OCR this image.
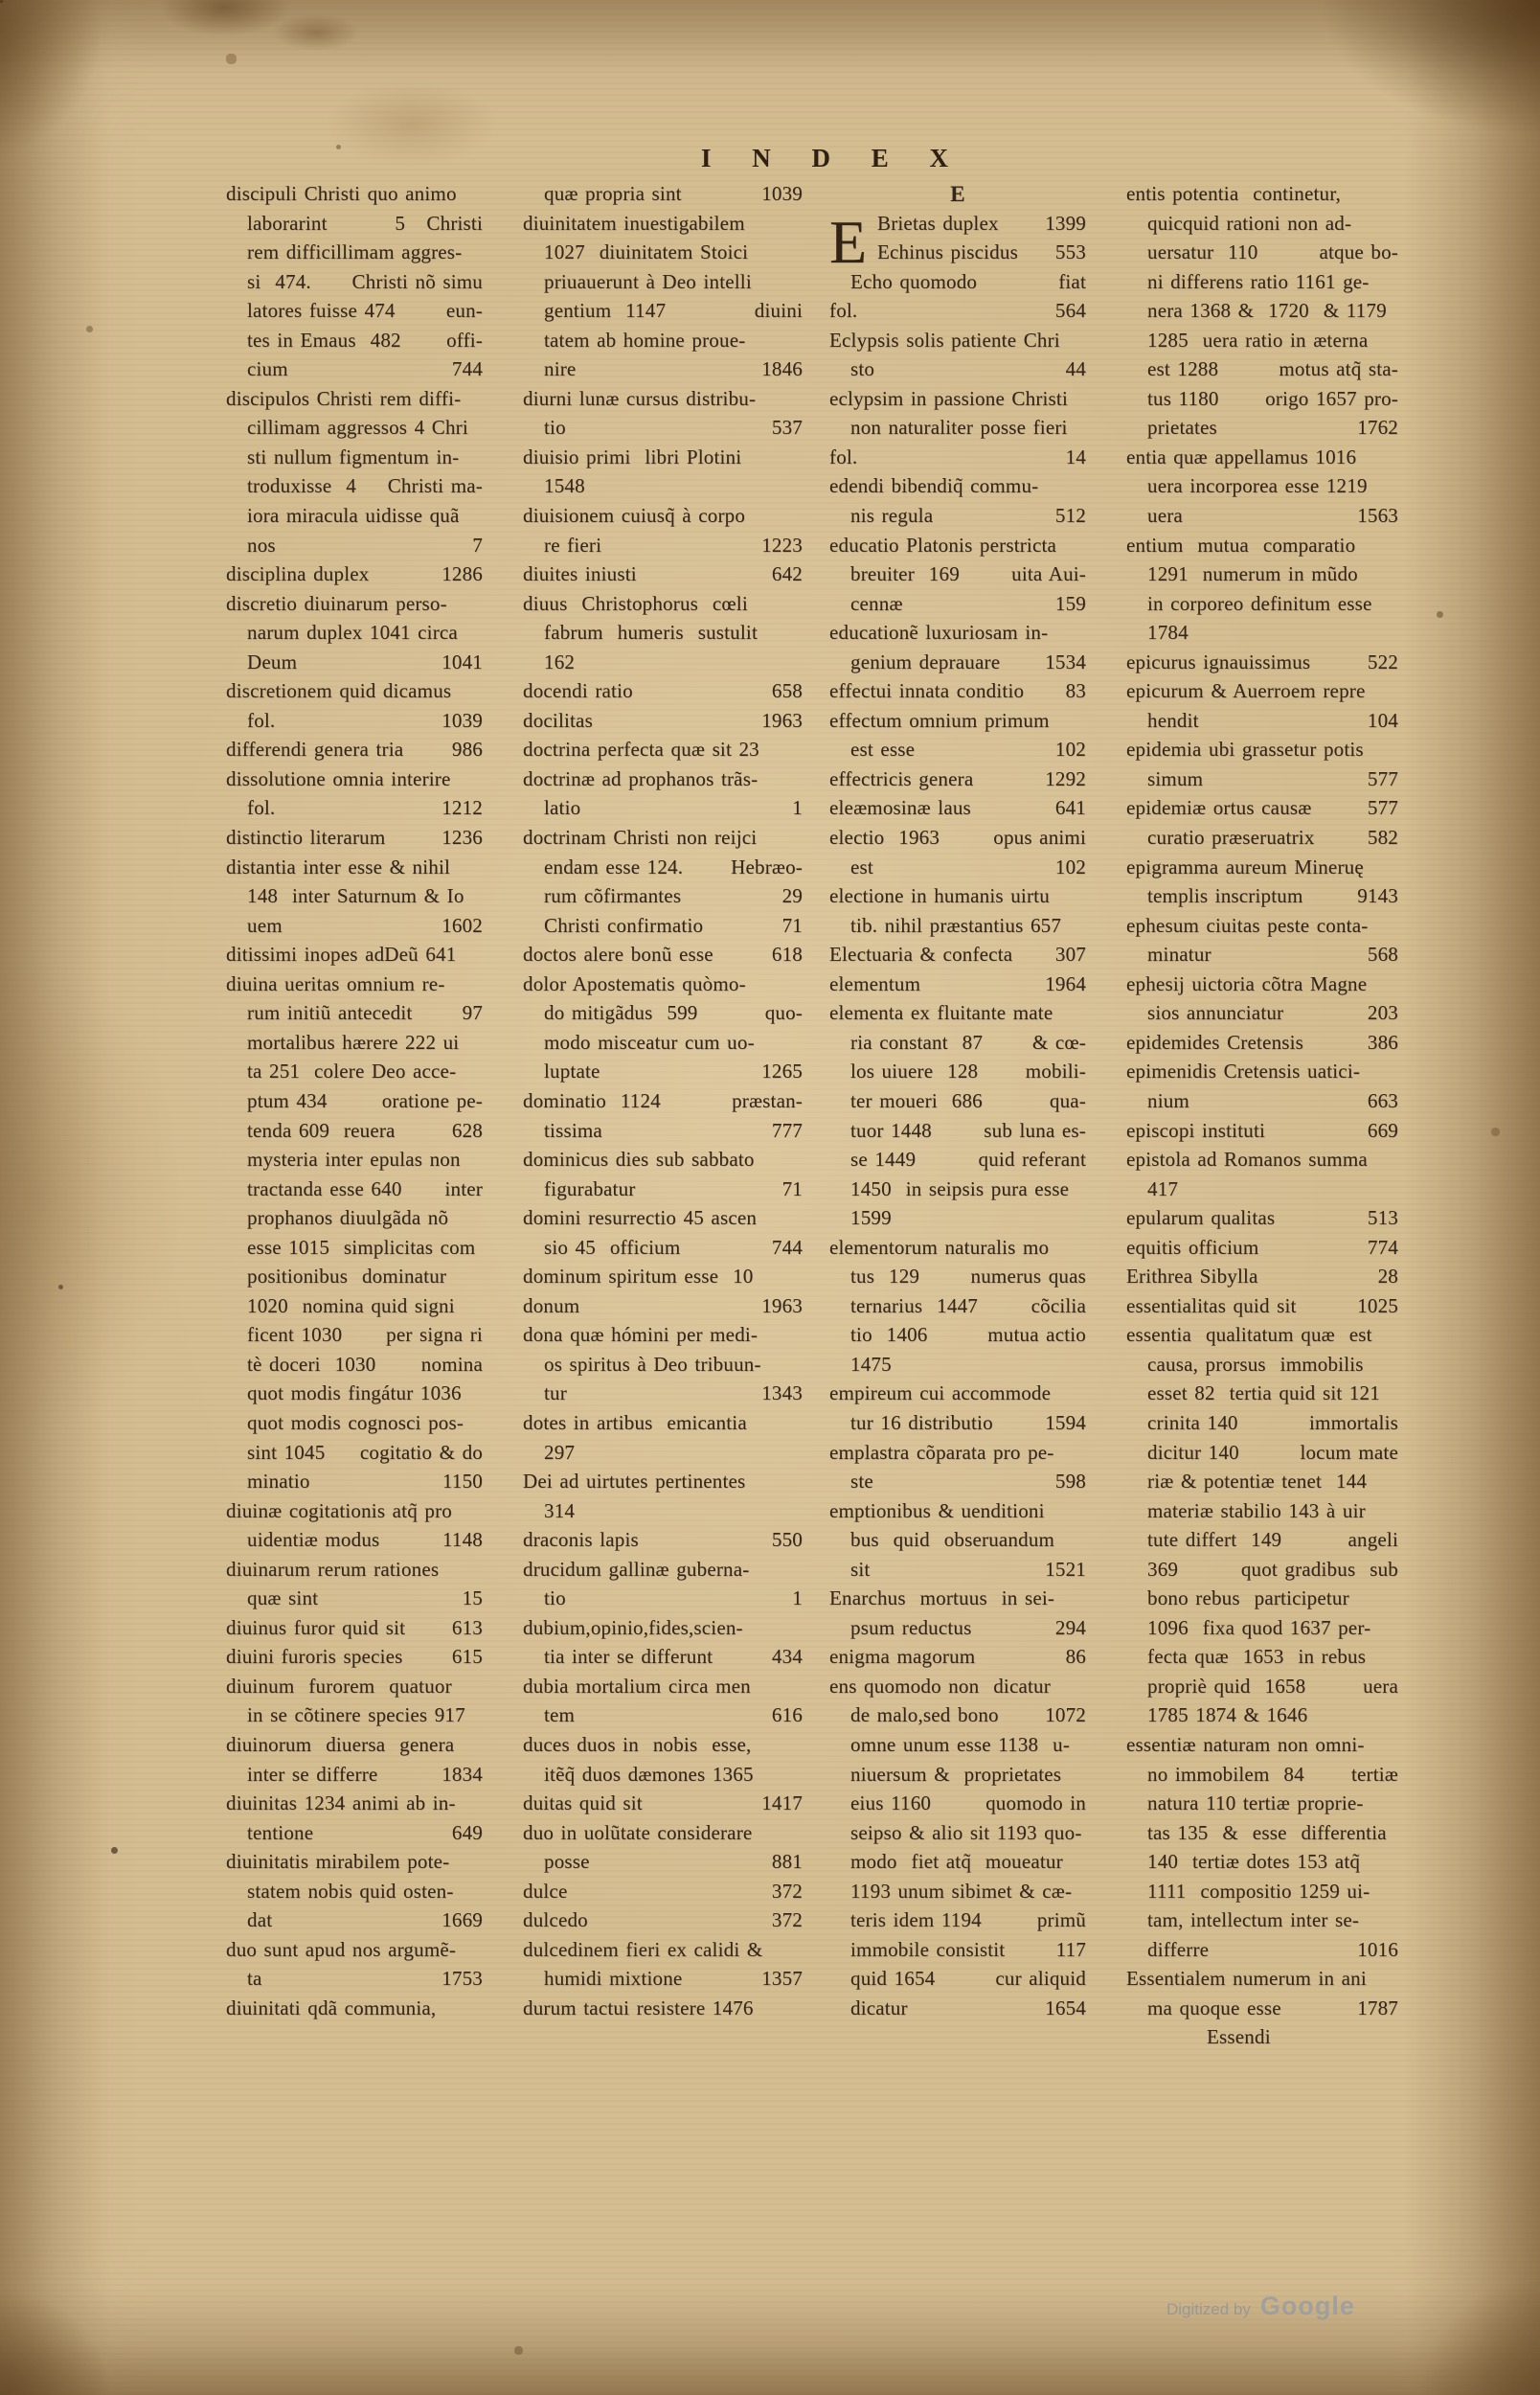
I N D E X
discipuli Christi quo animo
laborarint	5   Christi
rem difficillimam aggres-
si  474. Christi nõ simu
latores fuisse 474	eun-
tes in Emaus  482 offi-
cium	744
discipulos Christi rem diffi-
cillimam aggressos 4 Chri
sti nullum figmentum in-
troduxisse  4 Christi ma-
iora miracula uidisse quã
nos	7
disciplina duplex	1286
discretio diuinarum perso-
narum duplex 1041 circa
Deum	1041
discretionem quid dicamus
fol.	1039
differendi genera tria 986
dissolutione omnia interire
fol.	1212
distinctio literarum	1236
distantia inter esse & nihil
148  inter Saturnum & Io
uem	1602
ditissimi inopes adDeũ 641
diuina ueritas omnium re-
rum initiũ antecedit 97
mortalibus hærere 222 ui
ta 251  colere Deo acce-
ptum 434	oratione pe-
tenda 609  reuera	628
mysteria inter epulas non
tractanda esse 640 inter
prophanos diuulgãda nõ
esse 1015  simplicitas com
positionibus  dominatur
1020  nomina quid signi
ficent 1030 per signa ri
tè doceri  1030 nomina
quot modis fingátur 1036
quot modis cognosci pos-
sint 1045 cogitatio & do
minatio	1150
diuinæ cogitationis atq̃ pro
uidentiæ modus	1148
diuinarum rerum rationes
quæ sint	15
diuinus furor quid sit 613
diuini furoris species 615
diuinum  furorem  quatuor
in se cõtinere species 917
diuinorum  diuersa  genera
inter se differre	1834
diuinitas 1234 animi ab in-
tentione	649
diuinitatis mirabilem pote-
statem nobis quid osten-
dat	1669
duo sunt apud nos argumẽ-
ta	1753
diuinitati qdã communia,
quæ propria sint	1039
diuinitatem inuestigabilem
1027  diuinitatem Stoici
priuauerunt à Deo intelli
gentium  1147	diuini
tatem ab homine proue-
nire	1846
diurni lunæ cursus distribu-
tio	537
diuisio primi  libri Plotini
1548
diuisionem cuiusq̃ à corpo
re fieri	1223
diuites iniusti	642
diuus  Christophorus  cœli
fabrum  humeris  sustulit
162
docendi ratio	658
docilitas	1963
doctrina perfecta quæ sit 23
doctrinæ ad prophanos trãs-
latio	1
doctrinam Christi non reijci
endam esse 124. Hebræo-
rum cõfirmantes	29
Christi confirmatio	71
doctos alere bonũ esse	618
dolor Apostematis quòmo-
do mitigãdus  599	quo-
modo misceatur cum uo-
luptate	1265
dominatio  1124	præstan-
tissima	777
dominicus dies sub sabbato
figurabatur	71
domini resurrectio 45 ascen
sio 45  officium	744
dominum spiritum esse  10
donum	1963
dona quæ hómini per medi-
os spiritus à Deo tribuun-
tur	1343
dotes in artibus  emicantia
297
Dei ad uirtutes pertinentes
314
draconis lapis	550
drucidum gallinæ guberna-
tio	1
dubium,opinio,fides,scien-
tia inter se differunt	434
dubia mortalium circa men
tem	616
duces duos in  nobis  esse,
itẽq̃ duos dæmones 1365
duitas quid sit	1417
duo in uolũtate considerare
posse	881
dulce	372
dulcedo	372
dulcedinem fieri ex calidi &
humidi mixtione	1357
durum tactui resistere 1476
E
E Brietas duplex 1399
Echinus piscidus 553
Echo quomodo	fiat
fol.	564
Eclypsis solis patiente Chri
sto	44
eclypsim in passione Christi
non naturaliter posse fieri
fol.	14
edendi bibendiq̃ commu-
nis regula	512
educatio Platonis perstricta
breuiter  169	uita Aui-
cennæ	159
educationẽ luxuriosam in-
genium deprauare 1534
effectui innata conditio 83
effectum omnium primum
est esse	102
effectricis genera	1292
eleæmosinæ laus	641
electio  1963	opus animi
est	102
electione in humanis uirtu
tib. nihil præstantius 657
Electuaria & confecta 307
elementum	1964
elementa ex fluitante mate
ria constant  87 & cœ-
los uiuere  128 mobili-
ter moueri  686	qua-
tuor 1448	sub luna es-
se 1449	quid referant
1450  in seipsis pura esse
1599
elementorum naturalis mo
tus  129	numerus quas
ternarius  1447	cõcilia
tio  1406	mutua actio
1475
empireum cui accommode
tur 16 distributio	1594
emplastra cõparata pro pe-
ste	598
emptionibus & uenditioni
bus  quid  obseruandum
sit	1521
Enarchus  mortuus  in sei-
psum reductus	294
enigma magorum	86
ens quomodo non  dicatur
de malo,sed bono 1072
omne unum esse 1138  u-
niuersum &  proprietates
eius 1160	quomodo in
seipso & alio sit 1193 quo-
modo  fiet atq̃  moueatur
1193 unum sibimet & cæ-
teris idem 1194	primũ
immobile consistit	117
quid 1654	cur aliquid
dicatur	1654
entis potentia  continetur,
quicquid rationi non ad-
uersatur  110	atque bo-
ni differens ratio 1161 ge-
nera 1368 &  1720  & 1179
1285  uera ratio in æterna
est 1288	motus atq̃ sta-
tus 1180 origo 1657 pro-
prietates	1762
entia quæ appellamus 1016
uera incorporea esse 1219
uera	1563
entium  mutua  comparatio
1291  numerum in mũdo
in corporeo definitum esse
1784
epicurus ignauissimus	522
epicurum & Auerroem repre
hendit	104
epidemia ubi grassetur potis
simum	577
epidemiæ ortus causæ	577
curatio præseruatrix	582
epigramma aureum Mineruę
templis inscriptum	9143
ephesum ciuitas peste conta-
minatur	568
ephesij uictoria cõtra Magne
sios annunciatur	203
epidemides Cretensis	386
epimenidis Cretensis uatici-
nium	663
episcopi instituti	669
epistola ad Romanos summa
417
epularum qualitas	513
equitis officium	774
Erithrea Sibylla	28
essentialitas quid sit	1025
essentia  qualitatum quæ  est
causa, prorsus  immobilis
esset 82  tertia quid sit 121
crinita 140	immortalis
dicitur 140	locum mate
riæ & potentiæ tenet  144
materiæ stabilio 143 à uir
tute differt  149	angeli
369	quot gradibus  sub
bono rebus  participetur
1096  fixa quod 1637 per-
fecta quæ  1653  in rebus
propriè quid  1658	uera
1785 1874 & 1646
essentiæ naturam non omni-
no immobilem  84 tertiæ
natura 110 tertiæ proprie-
tas 135  &  esse  differentia
140  tertiæ dotes 153 atq̃
1111  compositio 1259 ui-
tam, intellectum inter se-
differre	1016
Essentialem numerum in ani
ma quoque esse	1787
Essendi
Digitized by Google
